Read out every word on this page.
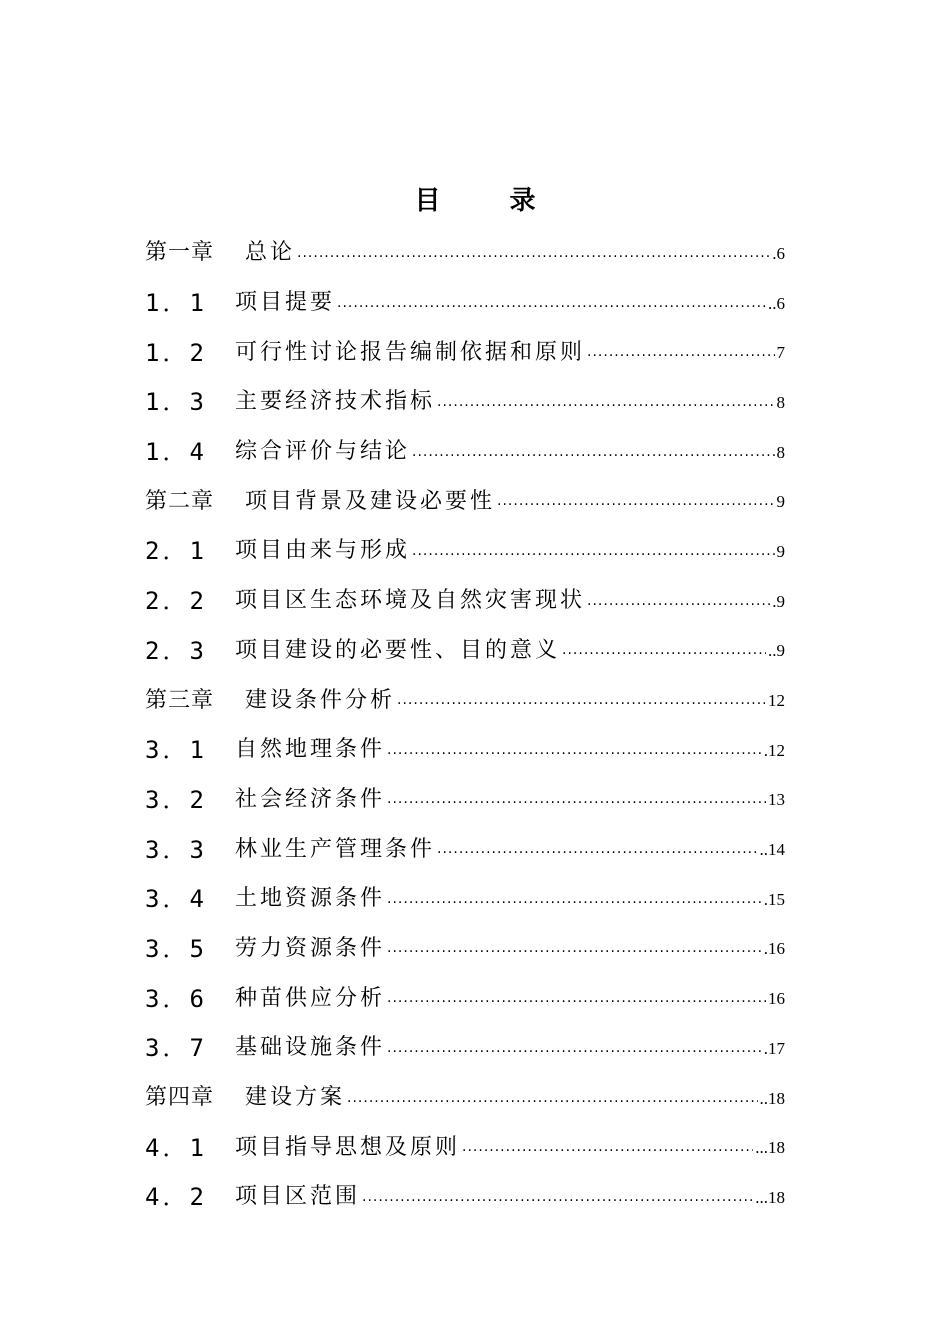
目 录
第一章	总论 .....	.6
1．1	项目提要 .....	..6
1．2	可行性讨论报告编制依据和原则 .....	7
1．3	主要经济技术指标 .....	8
1．4	综合评价与结论 .....	8
第二章	项目背景及建设必要性 .....	9
2．1	项目由来与形成 .....	9
2．2	项目区生态环境及自然灾害现状 .....	.9
2．3	项目建设的必要性、目的意义 .....	..9
第三章	建设条件分析 .....	12
3．1	自然地理条件 .....	.12
3．2	社会经济条件 .....	13
3．3	林业生产管理条件 .....	..14
3．4	土地资源条件 .....	.15
3．5	劳力资源条件 .....	.16
3．6	种苗供应分析 .....	16
3．7	基础设施条件 .....	.17
第四章	建设方案 .....	..18
4．1	项目指导思想及原则 .....	...18
4．2	项目区范围 .....	...18
